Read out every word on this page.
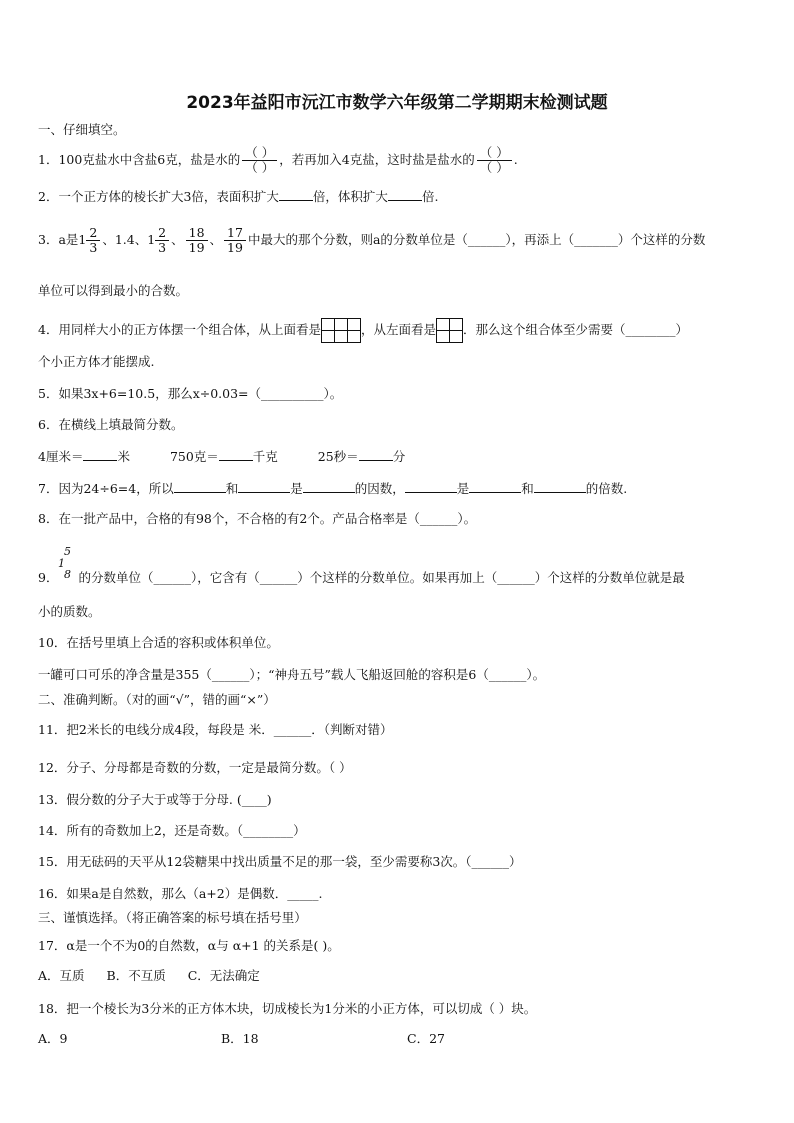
2023年益阳市沅江市数学六年级第二学期期末检测试题
一、仔细填空。
1．100克盐水中含盐6克，盐是水的 $\frac{( )}{( )}$ ，若再加入4克盐，这时盐是盐水的 $\frac{( )}{( )}$ .
2．一个正方体的棱长扩大3倍，表面积扩大	倍，体积扩大	倍.
3．a是$1 \frac{2}{3}$ 、1.4、$1 \frac{2}{3}$ 、 $\frac{18}{19}$ 、 $\frac{17}{19}$ 中最大的那个分数，则a的分数单位是（______），再添上（_______）个这样的分数
单位可以得到最小的合数。
4．用同样大小的正方体摆一个组合体，从上面看是	，从左面看是 ．那么这个组合体至少需要（________）
个小正方体才能摆成.
5．如果3x+6=10.5，那么x÷0.03=（__________）。
6．在横线上填最简分数。
4厘米＝	米	750克＝	千克	25秒＝	分
7．因为24÷6=4，所以	和	是	的因数，	是	和	的倍数.
8．在一批产品中，合格的有98个，不合格的有2个。产品合格率是（______）。
5
1
8
9． 的分数单位（______），它含有（______）个这样的分数单位。如果再加上（______）个这样的分数单位就是最
小的质数。
10．在括号里填上合适的容积或体积单位。
一罐可口可乐的净含量是355（______）；“神舟五号”载人飞船返回舱的容积是6（______）。
二、准确判断。（对的画“√”，错的画“×”）
11．把2米长的电线分成4段，每段是 米．______．（判断对错）
12．分子、分母都是奇数的分数，一定是最简分数。（ ）
13．假分数的分子大于或等于分母. (____)
14．所有的奇数加上2，还是奇数。（________）
15．用无砝码的天平从12袋糖果中找出质量不足的那一袋，至少需要称3次。（______）
16．如果a是自然数，那么（a+2）是偶数．_____.
三、谨慎选择。（将正确答案的标号填在括号里）
17．α是一个不为0的自然数，α与 α+1 的关系是( )。
A．互质 B．不互质 C．无法确定
18．把一个棱长为3分米的正方体木块，切成棱长为1分米的小正方体，可以切成（ ）块。
A．9	B．18	C．27
